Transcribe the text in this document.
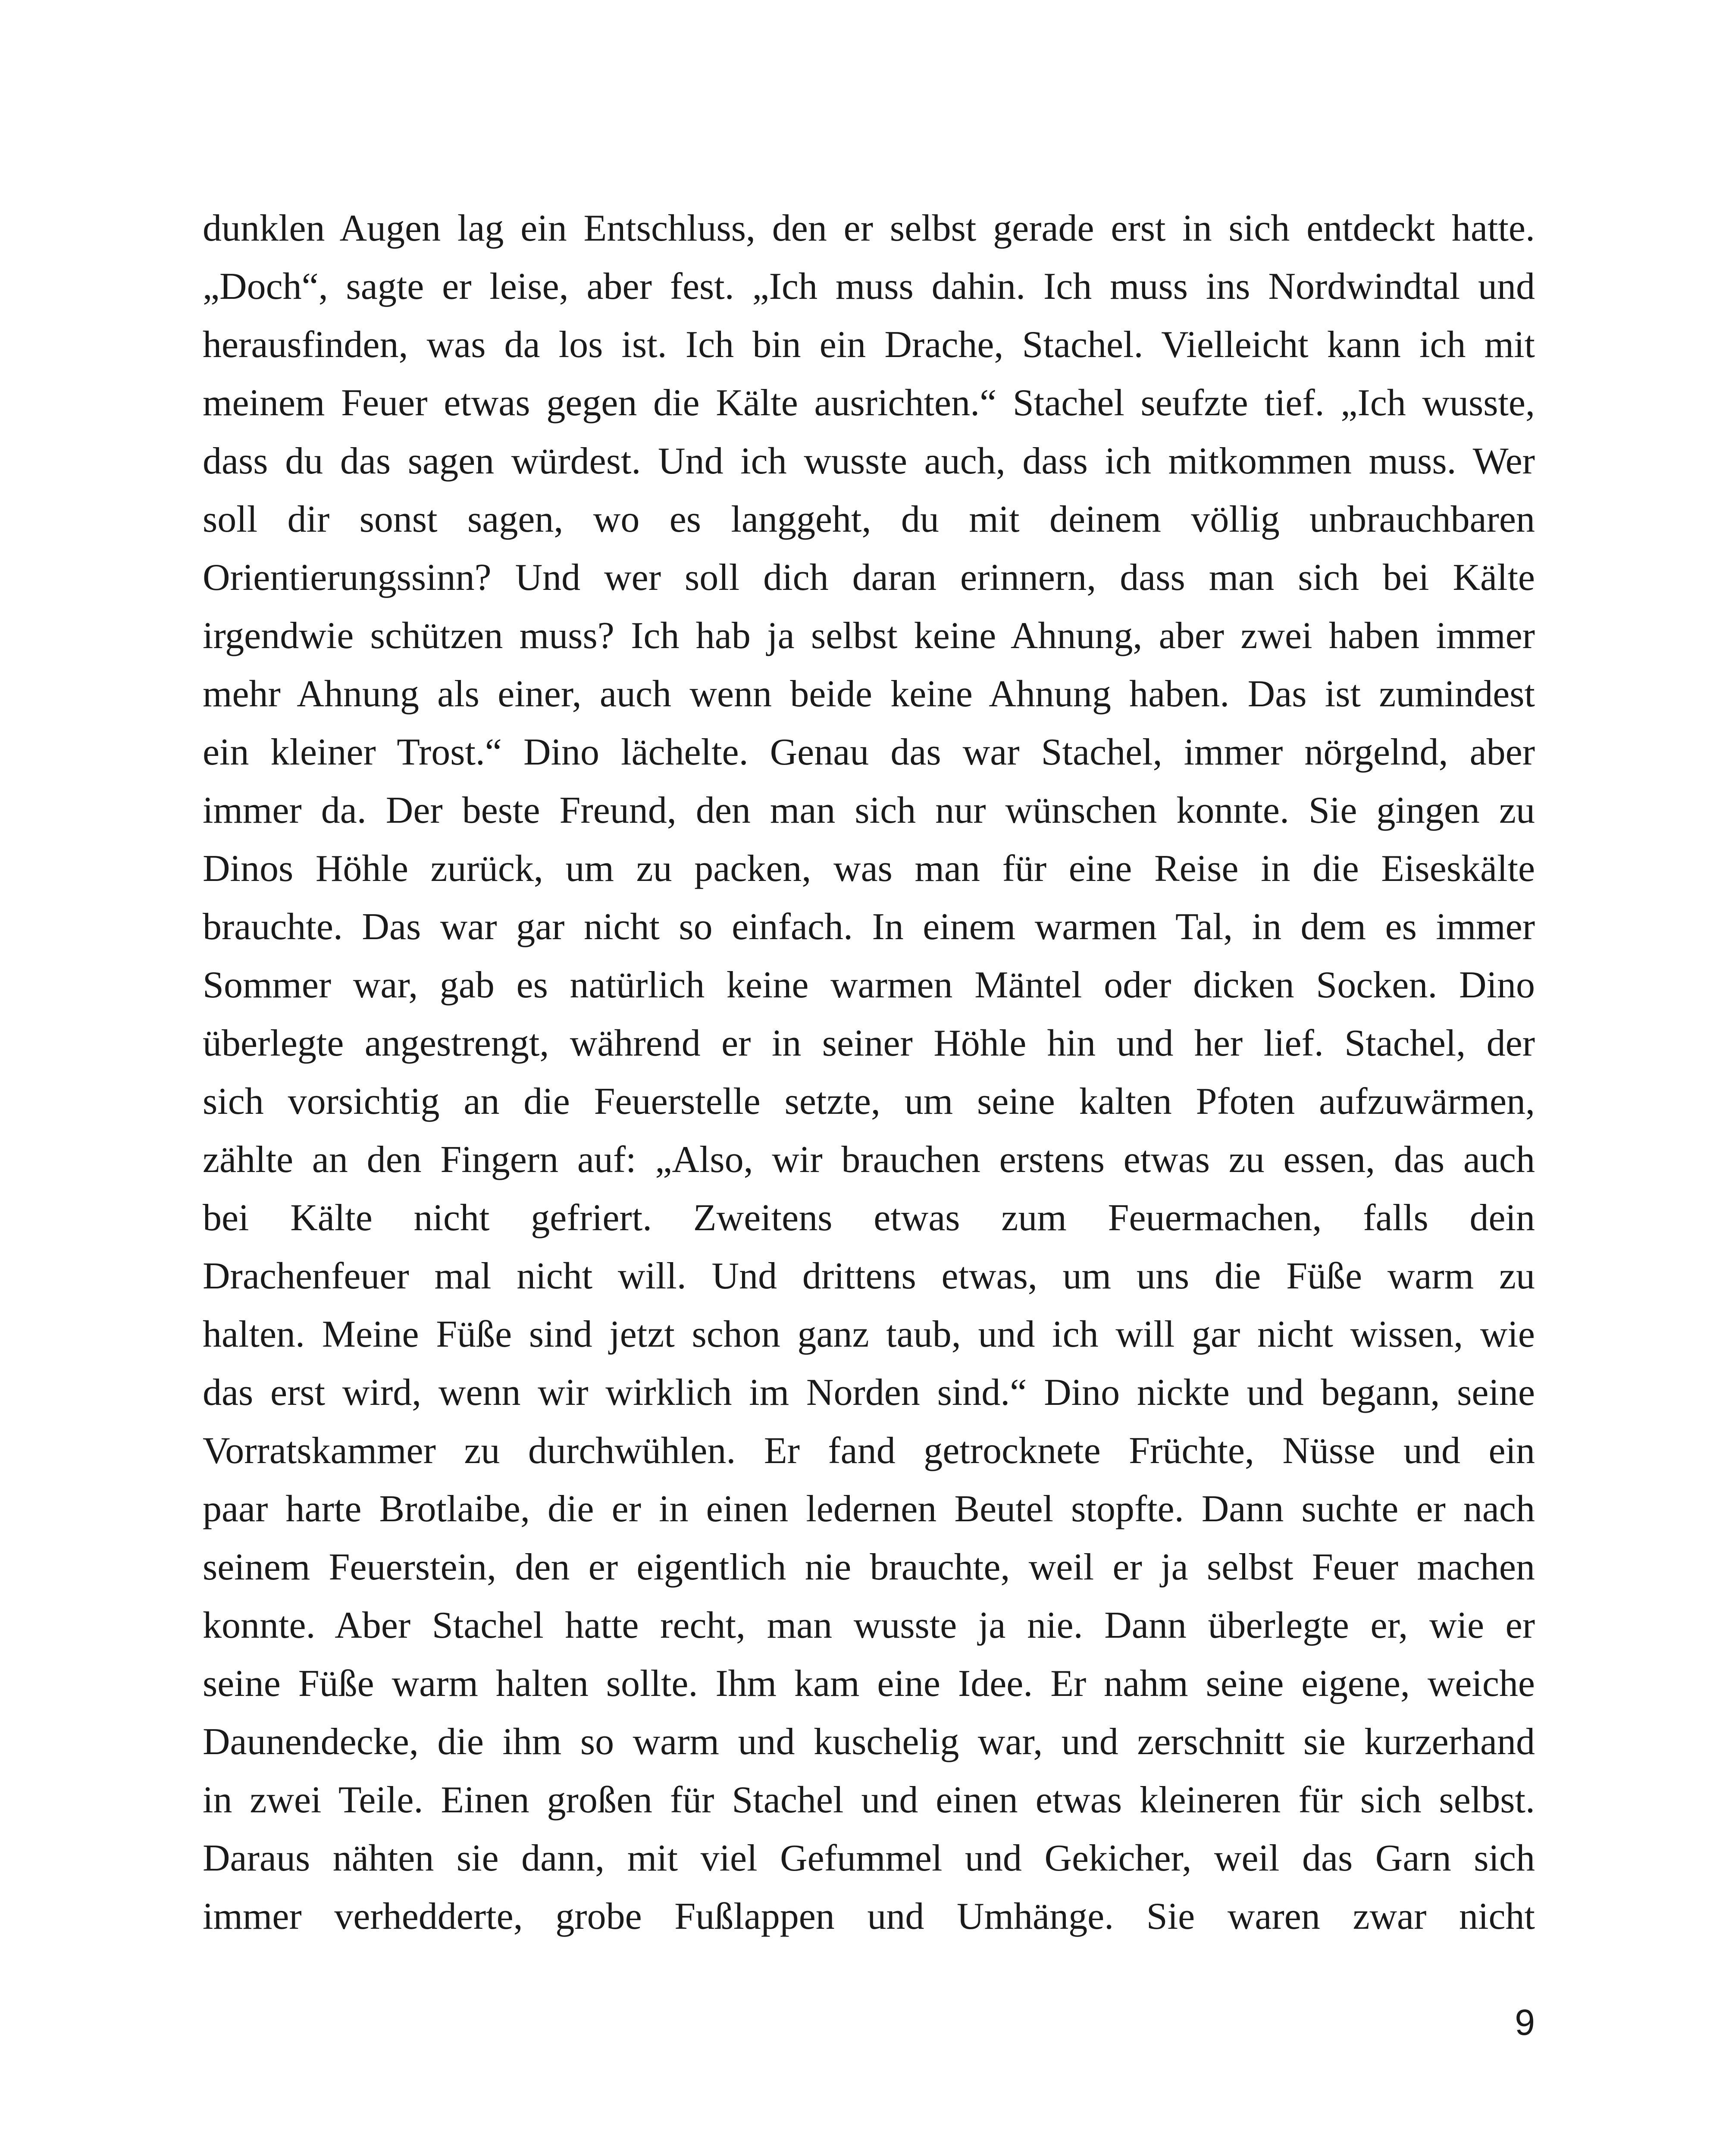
dunklen Augen lag ein Entschluss, den er selbst gerade erst in sich entdeckt hatte.
„Doch“, sagte er leise, aber fest. „Ich muss dahin. Ich muss ins Nordwindtal und
herausfinden, was da los ist. Ich bin ein Drache, Stachel. Vielleicht kann ich mit
meinem Feuer etwas gegen die Kälte ausrichten.“ Stachel seufzte tief. „Ich wusste,
dass du das sagen würdest. Und ich wusste auch, dass ich mitkommen muss. Wer
soll dir sonst sagen, wo es langgeht, du mit deinem völlig unbrauchbaren
Orientierungssinn? Und wer soll dich daran erinnern, dass man sich bei Kälte
irgendwie schützen muss? Ich hab ja selbst keine Ahnung, aber zwei haben immer
mehr Ahnung als einer, auch wenn beide keine Ahnung haben. Das ist zumindest
ein kleiner Trost.“ Dino lächelte. Genau das war Stachel, immer nörgelnd, aber
immer da. Der beste Freund, den man sich nur wünschen konnte. Sie gingen zu
Dinos Höhle zurück, um zu packen, was man für eine Reise in die Eiseskälte
brauchte. Das war gar nicht so einfach. In einem warmen Tal, in dem es immer
Sommer war, gab es natürlich keine warmen Mäntel oder dicken Socken. Dino
überlegte angestrengt, während er in seiner Höhle hin und her lief. Stachel, der
sich vorsichtig an die Feuerstelle setzte, um seine kalten Pfoten aufzuwärmen,
zählte an den Fingern auf: „Also, wir brauchen erstens etwas zu essen, das auch
bei Kälte nicht gefriert. Zweitens etwas zum Feuermachen, falls dein
Drachenfeuer mal nicht will. Und drittens etwas, um uns die Füße warm zu
halten. Meine Füße sind jetzt schon ganz taub, und ich will gar nicht wissen, wie
das erst wird, wenn wir wirklich im Norden sind.“ Dino nickte und begann, seine
Vorratskammer zu durchwühlen. Er fand getrocknete Früchte, Nüsse und ein
paar harte Brotlaibe, die er in einen ledernen Beutel stopfte. Dann suchte er nach
seinem Feuerstein, den er eigentlich nie brauchte, weil er ja selbst Feuer machen
konnte. Aber Stachel hatte recht, man wusste ja nie. Dann überlegte er, wie er
seine Füße warm halten sollte. Ihm kam eine Idee. Er nahm seine eigene, weiche
Daunendecke, die ihm so warm und kuschelig war, und zerschnitt sie kurzerhand
in zwei Teile. Einen großen für Stachel und einen etwas kleineren für sich selbst.
Daraus nähten sie dann, mit viel Gefummel und Gekicher, weil das Garn sich
immer verhedderte, grobe Fußlappen und Umhänge. Sie waren zwar nicht
9
